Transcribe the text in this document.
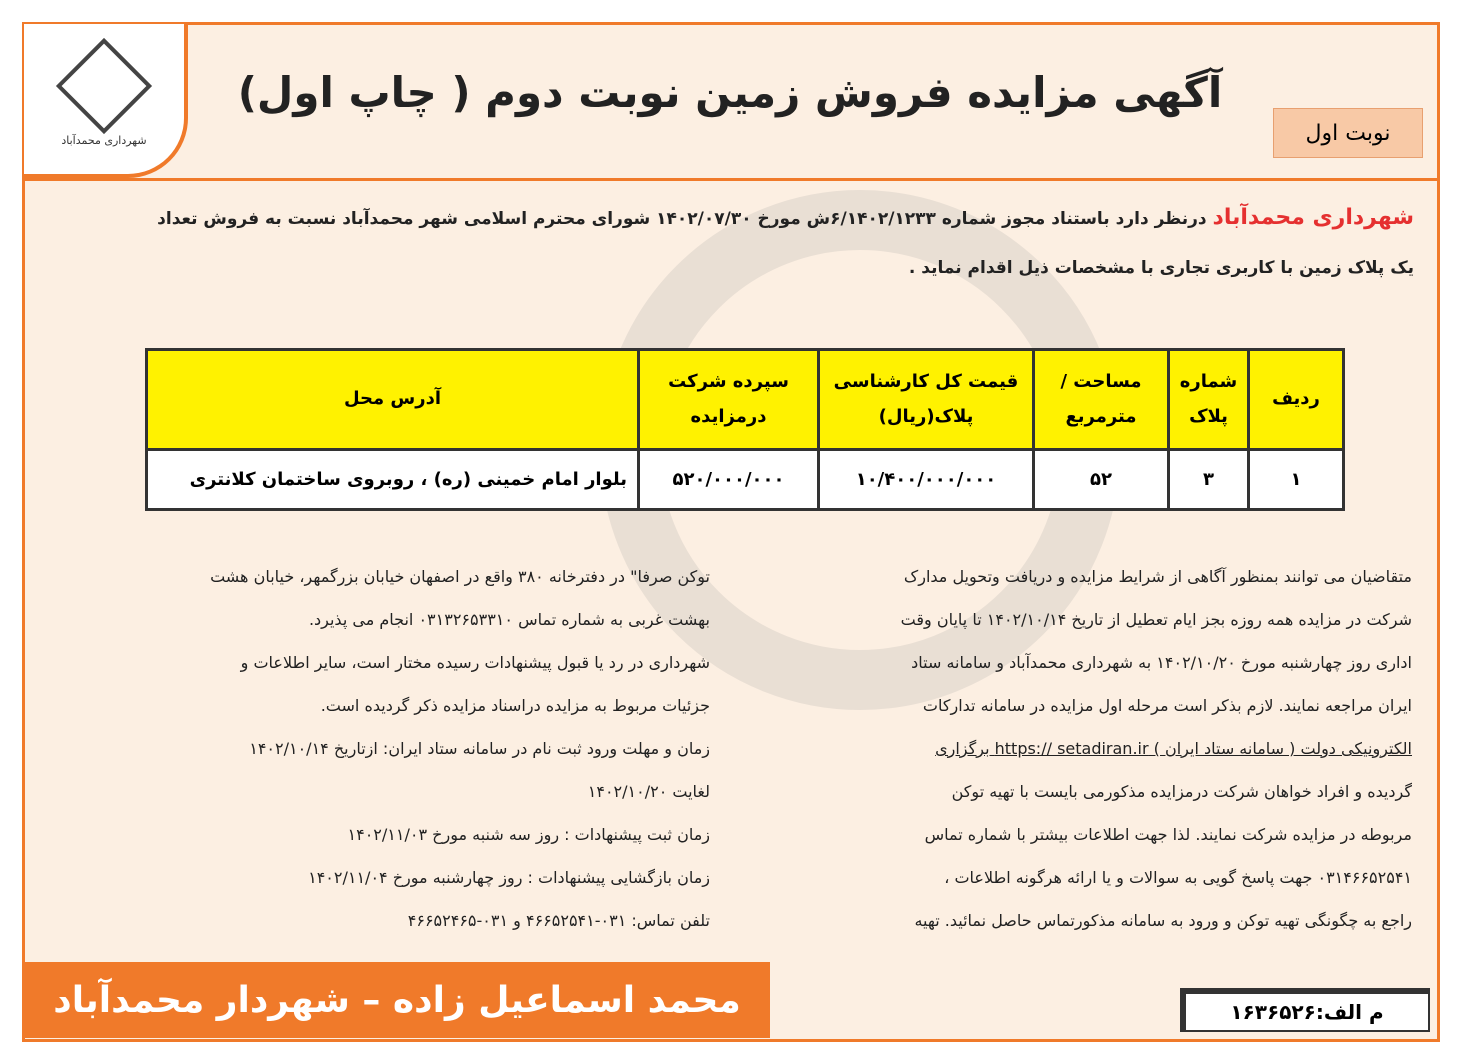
شهرداری محمدآباد
آگهی مزایده فروش زمین نوبت دوم ( چاپ اول)
نوبت اول
شهرداری محمدآباد درنظر دارد باستناد مجوز شماره ۶/۱۴۰۲/۱۲۳۳ش مورخ ۱۴۰۲/۰۷/۳۰ شورای محترم اسلامی شهر محمدآباد نسبت به فروش تعداد
یک پلاک زمین با کاربری تجاری با مشخصات ذیل اقدام نماید .
ردیف	شماره پلاک	مساحت / مترمربع	قیمت کل کارشناسی پلاک(ریال)	سپرده شرکت درمزایده	آدرس محل
۱	۳	۵۲	۱۰/۴۰۰/۰۰۰/۰۰۰	۵۲۰/۰۰۰/۰۰۰	بلوار امام خمینی (ره) ، روبروی ساختمان کلانتری

متقاضیان می توانند بمنظور آگاهی از شرایط مزایده و دریافت وتحویل مدارک

شرکت در مزایده همه روزه بجز ایام تعطیل از تاریخ ۱۴۰۲/۱۰/۱۴ تا پایان وقت

اداری روز چهارشنبه مورخ ۱۴۰۲/۱۰/۲۰ به شهرداری محمدآباد و سامانه ستاد

ایران مراجعه نمایند. لازم بذکر است مرحله اول مزایده در سامانه تدارکات

الکترونیکی دولت ( سامانه ستاد ایران ) https:// setadiran.ir برگزاری

گردیده و افراد خواهان شرکت درمزایده مذکورمی بایست با تهیه توکن

مربوطه در مزایده شرکت نمایند. لذا جهت اطلاعات بیشتر با شماره تماس

۰۳۱۴۶۶۵۲۵۴۱ جهت پاسخ گویی به سوالات و یا ارائه هرگونه اطلاعات ،

راجع به چگونگی تهیه توکن و ورود به سامانه مذکورتماس حاصل نمائید. تهیه

توکن صرفا" در دفترخانه ۳۸۰ واقع در اصفهان خیابان بزرگمهر، خیابان هشت

بهشت غربی به شماره تماس ۰۳۱۳۲۶۵۳۳۱۰ انجام می پذیرد.

شهرداری در رد یا قبول پیشنهادات رسیده مختار است، سایر اطلاعات و

جزئیات مربوط به مزایده دراسناد مزایده ذکر گردیده است.

زمان و مهلت ورود ثبت نام در سامانه ستاد ایران: ازتاریخ ۱۴۰۲/۱۰/۱۴

لغایت ۱۴۰۲/۱۰/۲۰

زمان ثبت پیشنهادات : روز سه شنبه مورخ ۱۴۰۲/۱۱/۰۳

زمان بازگشایی پیشنهادات : روز چهارشنبه مورخ ۱۴۰۲/۱۱/۰۴

تلفن تماس: ۰۳۱-۴۶۶۵۲۵۴۱ و ۰۳۱-۴۶۶۵۲۴۶۵

محمد اسماعیل زاده – شهردار محمدآباد	م الف:۱۶۳۶۵۲۶
